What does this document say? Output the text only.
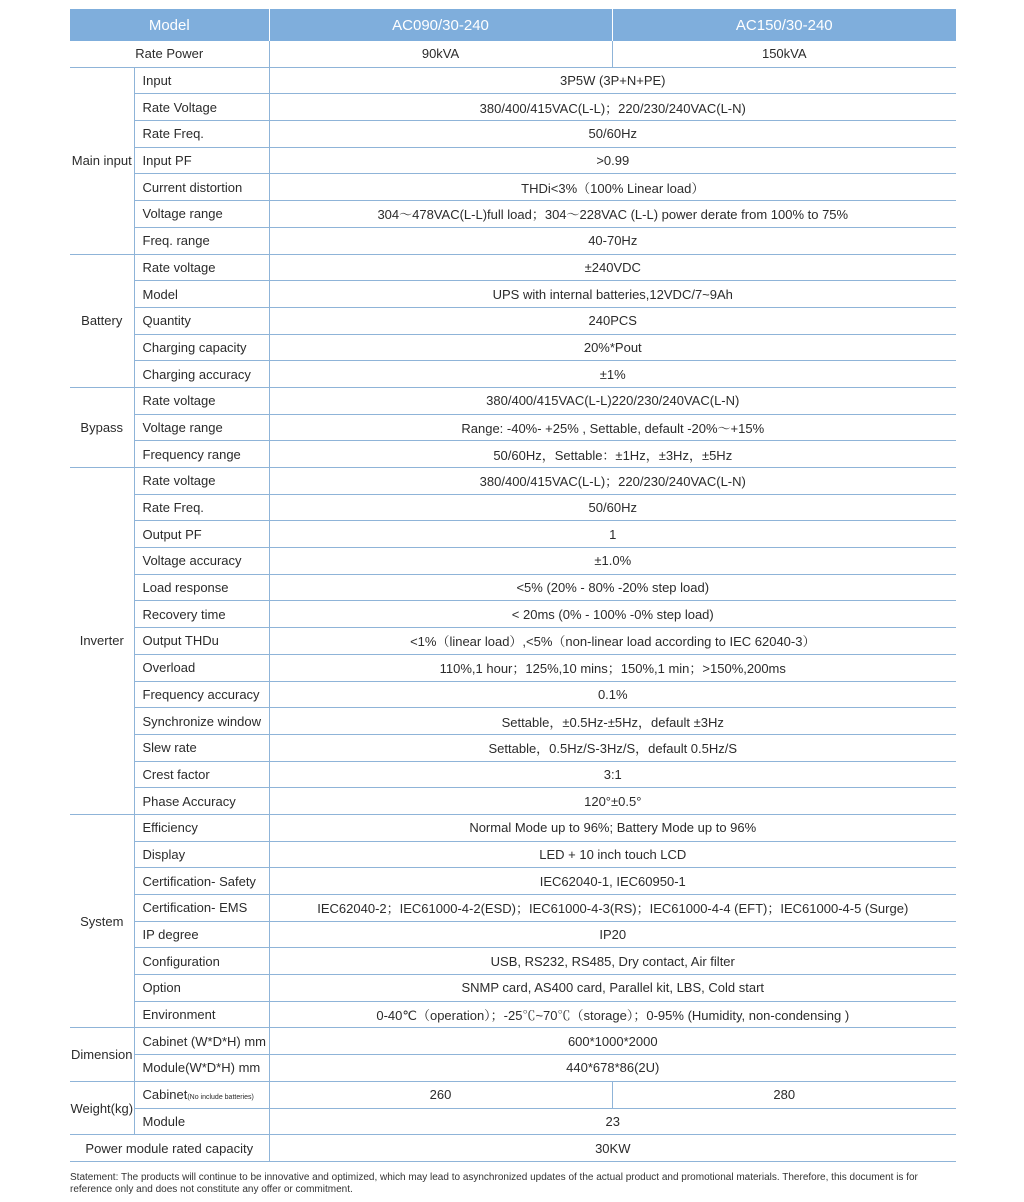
Model		AC090/30-240	AC150/30-240
Rate Power		90kVA	150kVA
Main input	Input	3P5W (3P+N+PE)	
	Rate Voltage	380/400/415VAC(L-L)；220/230/240VAC(L-N)	
	Rate Freq.	50/60Hz	
	Input PF	>0.99	
	Current distortion	THDi<3%（100% Linear load）	
	Voltage range	304～478VAC(L-L)full load；304～228VAC (L-L) power derate from 100% to 75%	
	Freq. range	40-70Hz	
Battery	Rate voltage	±240VDC	
	Model	UPS with internal batteries,12VDC/7~9Ah	
	Quantity	240PCS	
	Charging capacity	20%*Pout	
	Charging accuracy	±1%	
Bypass	Rate voltage	380/400/415VAC(L-L)220/230/240VAC(L-N)	
	Voltage range	Range: -40%- +25% , Settable, default -20%～+15%	
	Frequency range	50/60Hz，Settable：±1Hz，±3Hz，±5Hz	
Inverter	Rate voltage	380/400/415VAC(L-L)；220/230/240VAC(L-N)	
	Rate Freq.	50/60Hz	
	Output PF	1	
	Voltage accuracy	±1.0%	
	Load response	<5% (20% - 80% -20% step load)	
	Recovery time	< 20ms (0% - 100% -0% step load)	
	Output THDu	<1%（linear load）,<5%（non-linear load according to IEC 62040-3）	
	Overload	110%,1 hour；125%,10 mins；150%,1 min；>150%,200ms	
	Frequency accuracy	0.1%	
	Synchronize window	Settable，±0.5Hz-±5Hz，default ±3Hz	
	Slew rate	Settable，0.5Hz/S-3Hz/S，default 0.5Hz/S	
	Crest factor	3:1	
	Phase Accuracy	120°±0.5°	
System	Efficiency	Normal Mode up to 96%; Battery Mode up to 96%	
	Display	LED + 10 inch touch LCD	
	Certification- Safety	IEC62040-1, IEC60950-1	
	Certification- EMS	IEC62040-2；IEC61000-4-2(ESD)；IEC61000-4-3(RS)；IEC61000-4-4 (EFT)；IEC61000-4-5 (Surge)	
	IP degree	IP20	
	Configuration	USB, RS232, RS485, Dry contact, Air filter	
	Option	SNMP card, AS400 card, Parallel kit, LBS, Cold start	
	Environment	0-40℃（operation）；-25℃~70℃（storage）；0-95% (Humidity, non-condensing )	
Dimension	Cabinet (W*D*H) mm	600*1000*2000	
	Module(W*D*H) mm	440*678*86(2U)	
Weight(kg)	Cabinet(No include batteries)	260	280
	Module	23	
Power module rated capacity		30KW	
Statement: The products will continue to be innovative and optimized, which may lead to asynchronized updates of the actual product and promotional materials. Therefore, this document is for reference only and does not constitute any offer or commitment.
